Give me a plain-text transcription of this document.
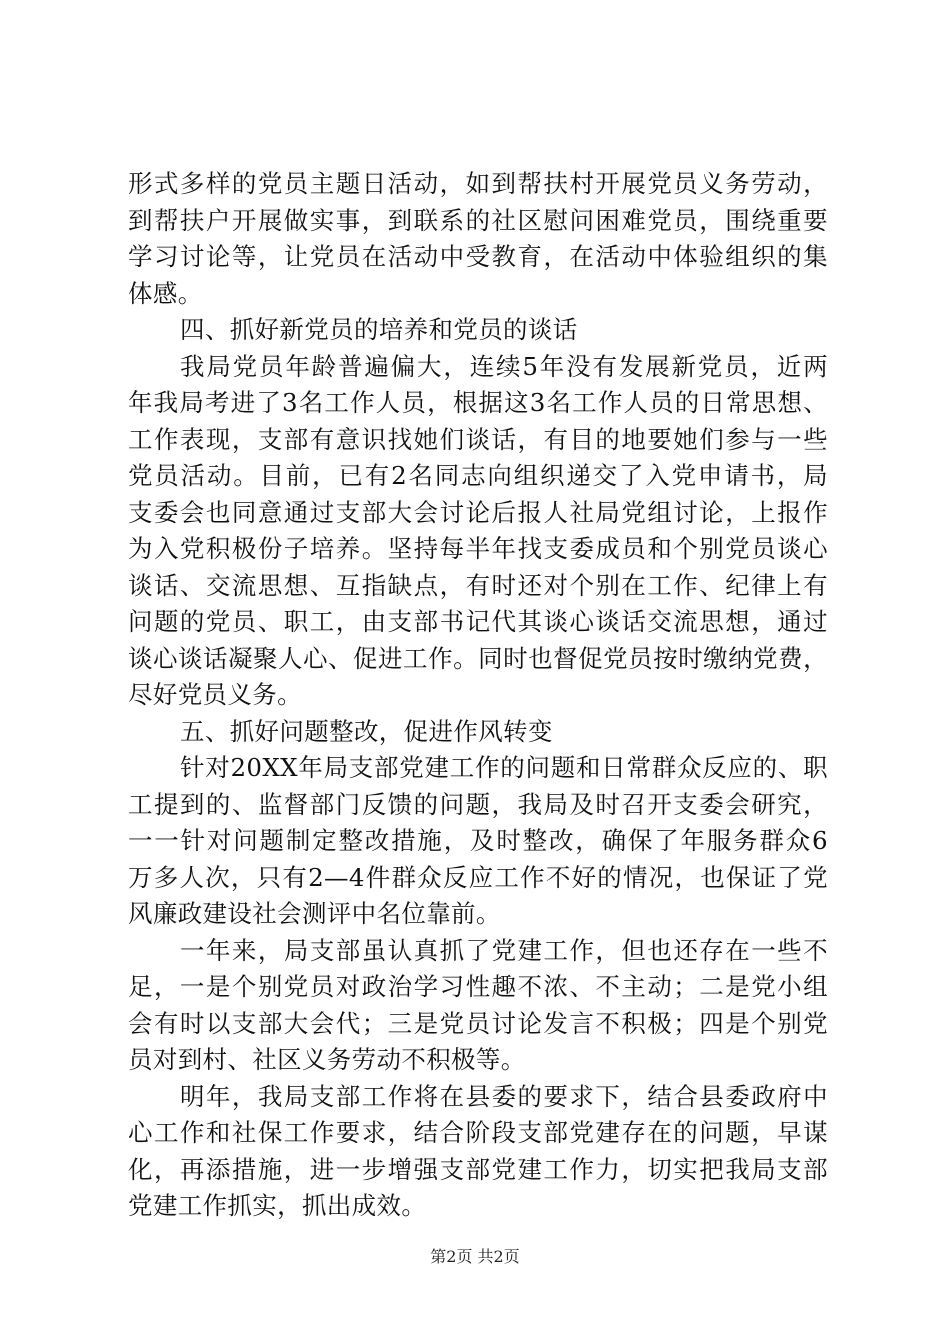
形式多样的党员主题日活动，如到帮扶村开展党员义务劳动，
到帮扶户开展做实事，到联系的社区慰问困难党员，围绕重要
学习讨论等，让党员在活动中受教育，在活动中体验组织的集
体感。
四、抓好新党员的培养和党员的谈话
我局党员年龄普遍偏大，连续5年没有发展新党员，近两
年我局考进了3名工作人员，根据这3名工作人员的日常思想、
工作表现，支部有意识找她们谈话，有目的地要她们参与一些
党员活动。目前，已有2名同志向组织递交了入党申请书，局
支委会也同意通过支部大会讨论后报人社局党组讨论，上报作
为入党积极份子培养。坚持每半年找支委成员和个别党员谈心
谈话、交流思想、互指缺点，有时还对个别在工作、纪律上有
问题的党员、职工，由支部书记代其谈心谈话交流思想，通过
谈心谈话凝聚人心、促进工作。同时也督促党员按时缴纳党费，
尽好党员义务。
五、抓好问题整改，促进作风转变
针对20XX年局支部党建工作的问题和日常群众反应的、职
工提到的、监督部门反馈的问题，我局及时召开支委会研究，
一一针对问题制定整改措施，及时整改，确保了年服务群众6
万多人次，只有2—4件群众反应工作不好的情况，也保证了党
风廉政建设社会测评中名位靠前。
一年来，局支部虽认真抓了党建工作，但也还存在一些不
足，一是个别党员对政治学习性趣不浓、不主动；二是党小组
会有时以支部大会代；三是党员讨论发言不积极；四是个别党
员对到村、社区义务劳动不积极等。
明年，我局支部工作将在县委的要求下，结合县委政府中
心工作和社保工作要求，结合阶段支部党建存在的问题，早谋
化，再添措施，进一步增强支部党建工作力，切实把我局支部
党建工作抓实，抓出成效。
第2页 共2页
